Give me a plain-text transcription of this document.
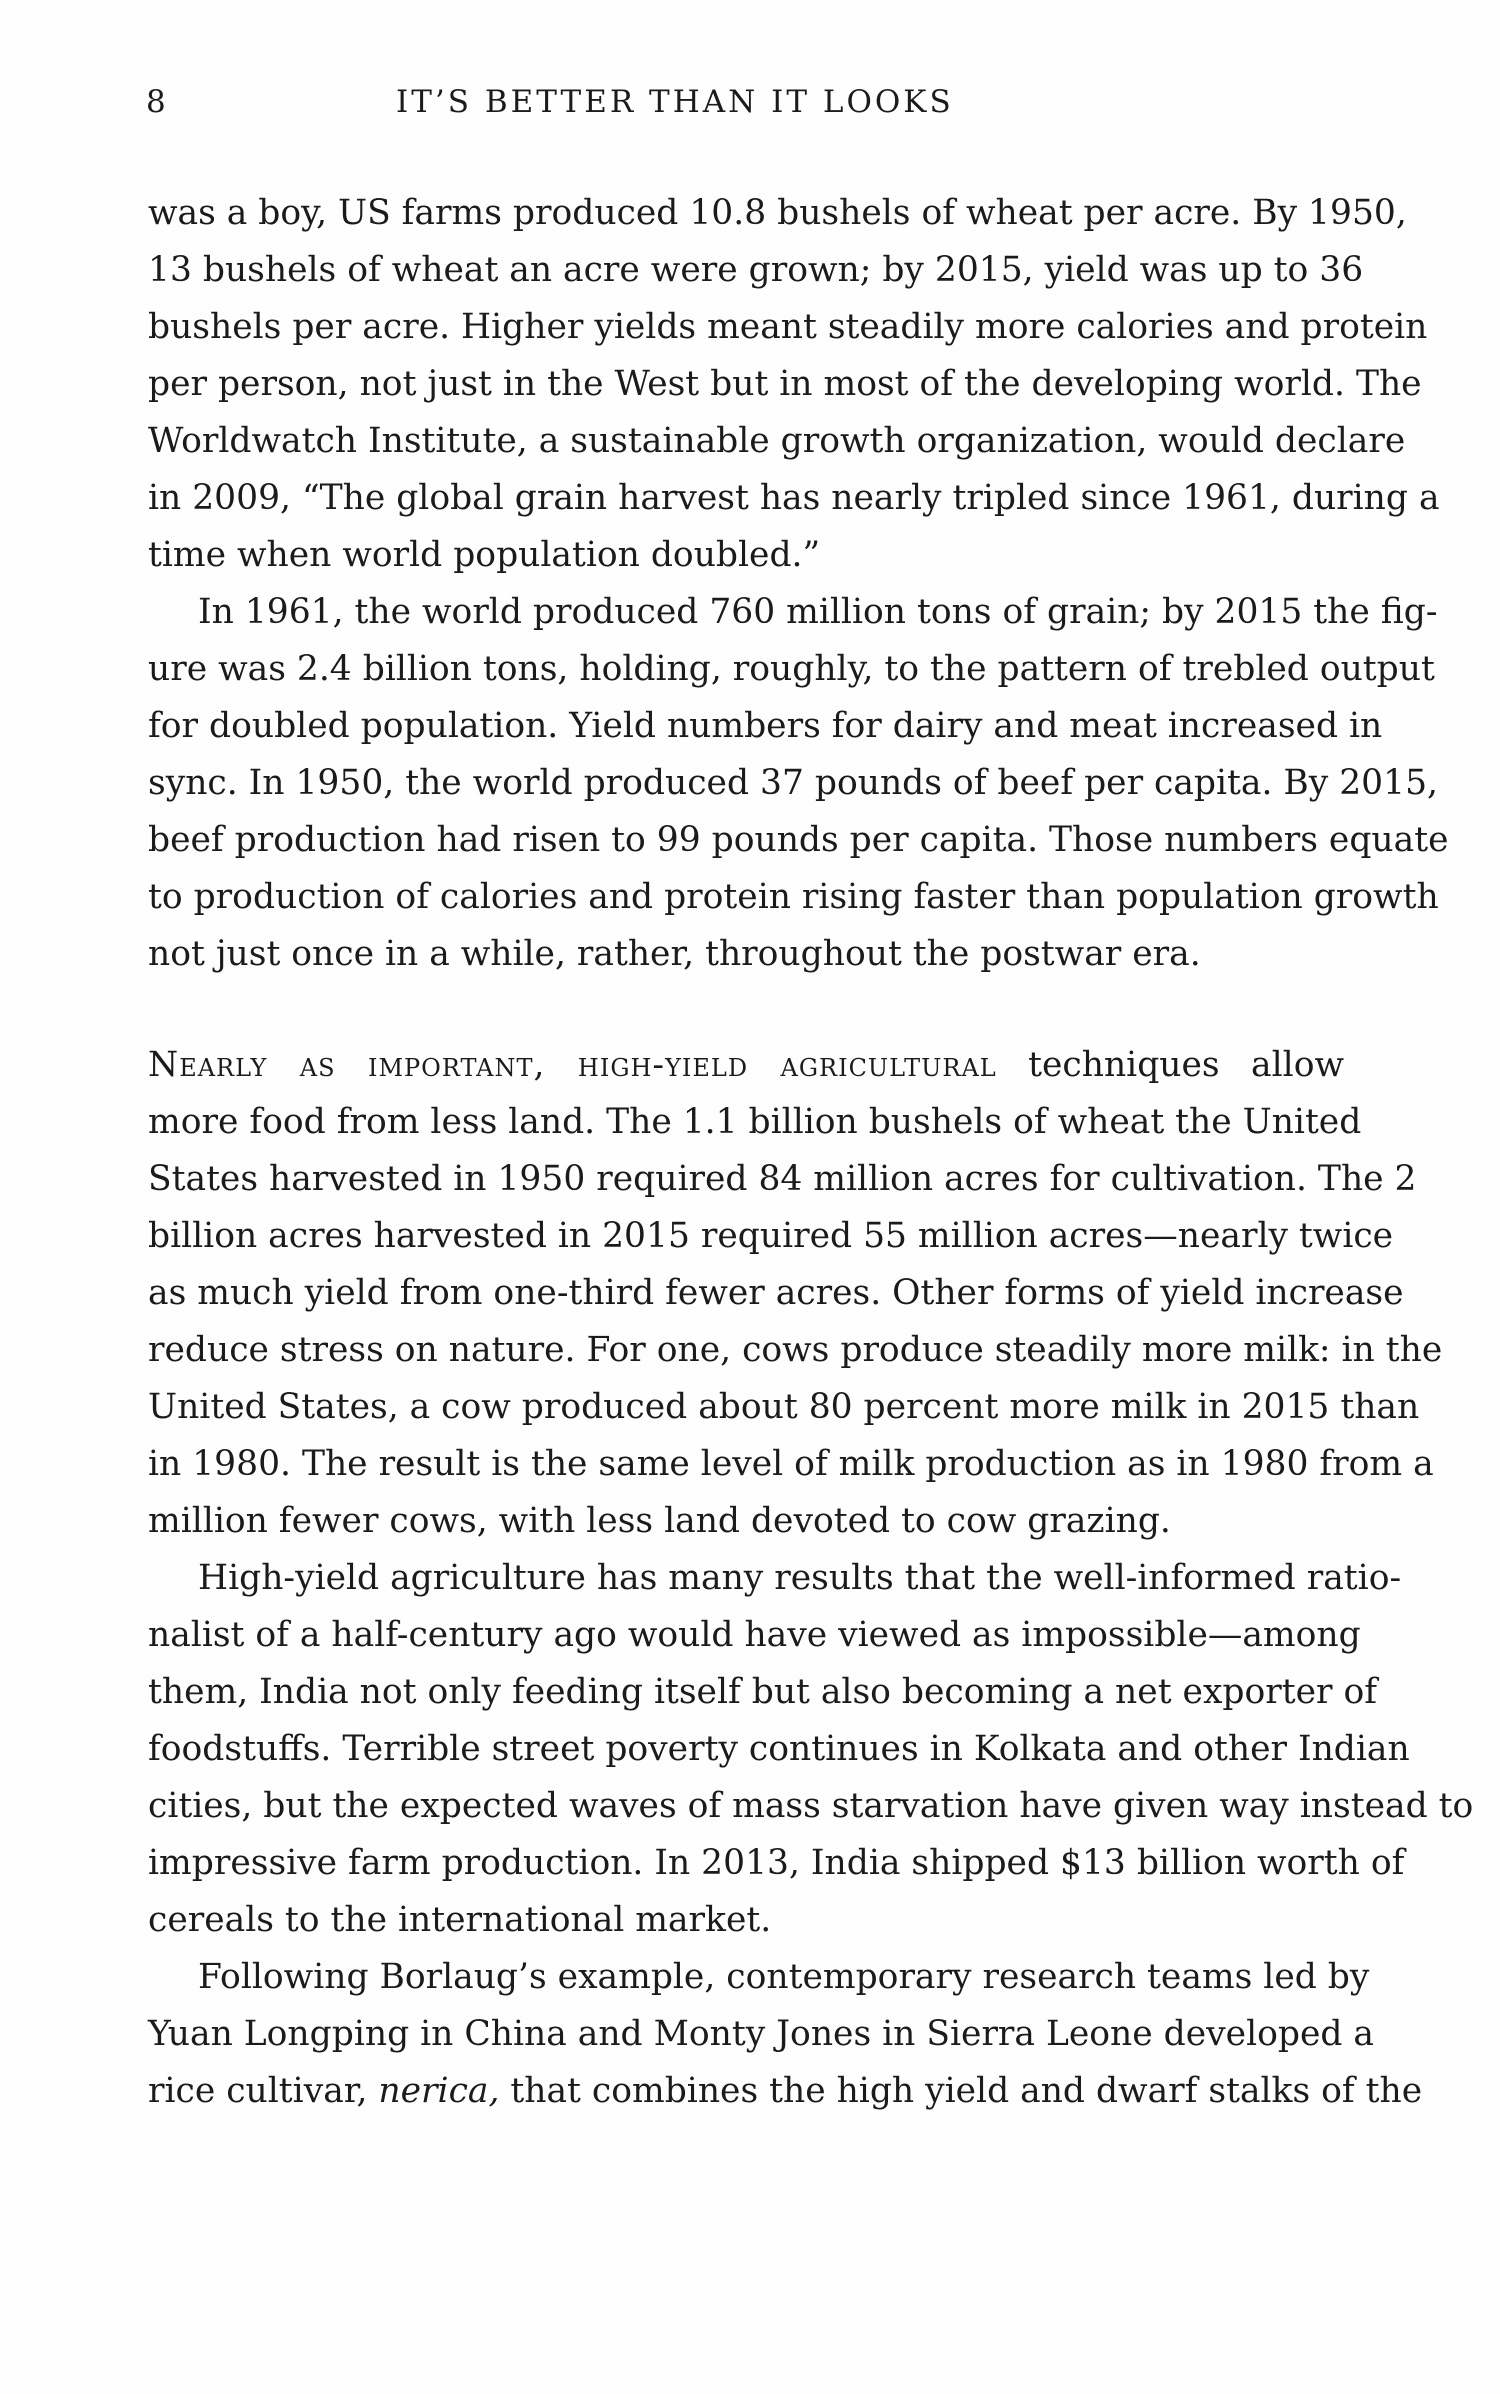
8	IT’S BETTER THAN IT LOOKS
was a boy, US farms produced 10.8 bushels of wheat per acre. By 1950,
13 bushels of wheat an acre were grown; by 2015, yield was up to 36
bushels per acre. Higher yields meant steadily more calories and protein
per person, not just in the West but in most of the developing world. The
Worldwatch Institute, a sustainable growth organization, would declare
in 2009, “The global grain harvest has nearly tripled since 1961, during a
time when world population doubled.”
In 1961, the world produced 760 million tons of grain; by 2015 the fig-
ure was 2.4 billion tons, holding, roughly, to the pattern of trebled output
for doubled population. Yield numbers for dairy and meat increased in
sync. In 1950, the world produced 37 pounds of beef per capita. By 2015,
beef production had risen to 99 pounds per capita. Those numbers equate
to production of calories and protein rising faster than population growth
not just once in a while, rather, throughout the postwar era.
Nearly as important, high-yield agricultural techniques allow
more food from less land. The 1.1 billion bushels of wheat the United
States harvested in 1950 required 84 million acres for cultivation. The 2
billion acres harvested in 2015 required 55 million acres—nearly twice
as much yield from one-third fewer acres. Other forms of yield increase
reduce stress on nature. For one, cows produce steadily more milk: in the
United States, a cow produced about 80 percent more milk in 2015 than
in 1980. The result is the same level of milk production as in 1980 from a
million fewer cows, with less land devoted to cow grazing.
High-yield agriculture has many results that the well-informed ratio-
nalist of a half-century ago would have viewed as impossible—among
them, India not only feeding itself but also becoming a net exporter of
foodstuffs. Terrible street poverty continues in Kolkata and other Indian
cities, but the expected waves of mass starvation have given way instead to
impressive farm production. In 2013, India shipped $13 billion worth of
cereals to the international market.
Following Borlaug’s example, contemporary research teams led by
Yuan Longping in China and Monty Jones in Sierra Leone developed a
rice cultivar, nerica, that combines the high yield and dwarf stalks of the
